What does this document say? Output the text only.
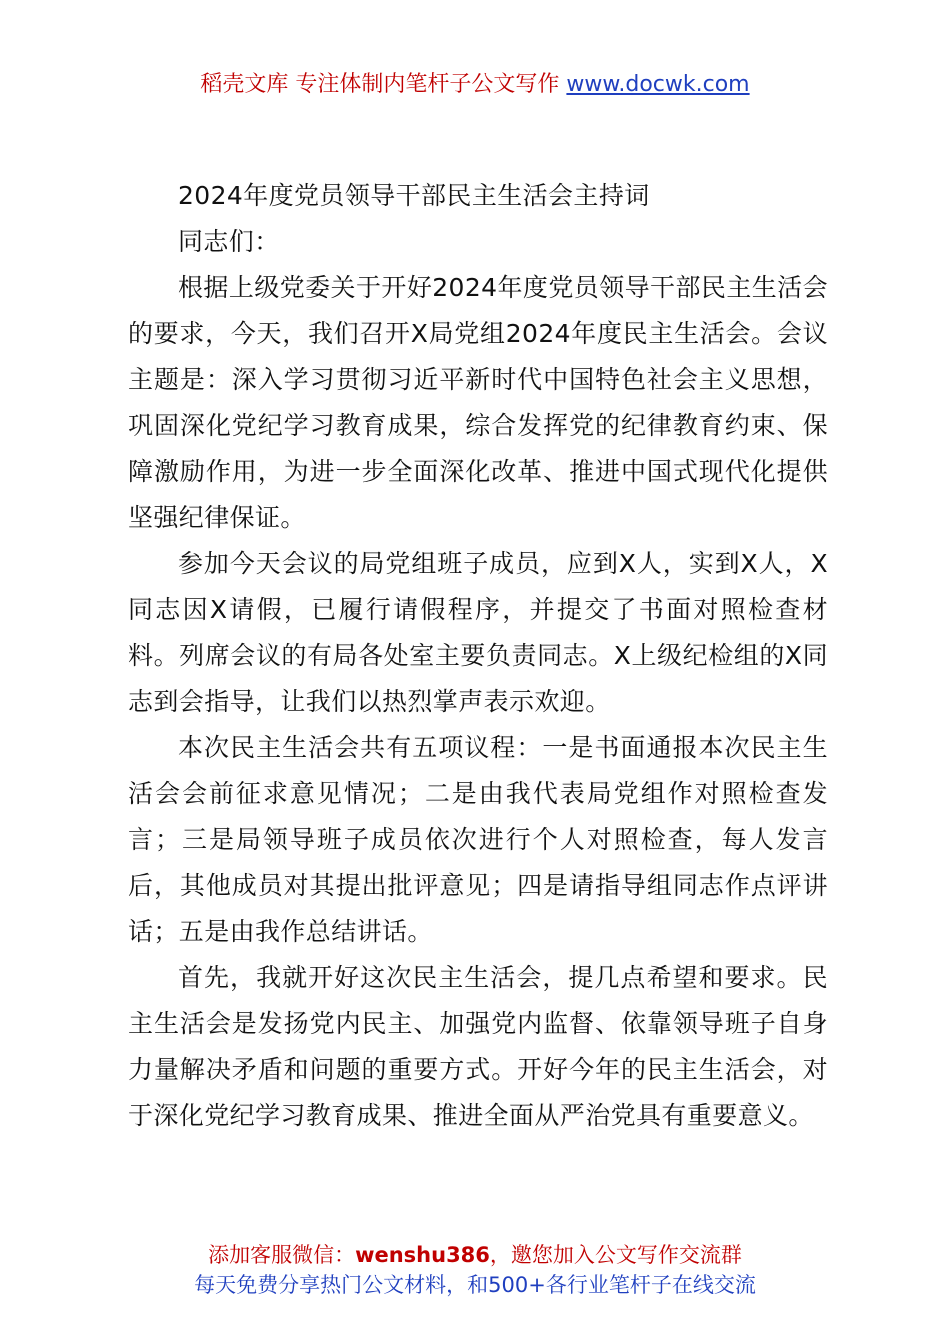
稻壳文库 专注体制内笔杆子公文写作 www.docwk.com

2024年度党员领导干部民主生活会主持词

同志们：

根据上级党委关于开好2024年度党员领导干部民主生活会的要求，今天，我们召开X局党组2024年度民主生活会。会议主题是：深入学习贯彻习近平新时代中国特色社会主义思想，巩固深化党纪学习教育成果，综合发挥党的纪律教育约束、保障激励作用，为进一步全面深化改革、推进中国式现代化提供坚强纪律保证。

参加今天会议的局党组班子成员，应到X人，实到X人，X同志因X请假，已履行请假程序，并提交了书面对照检查材料。列席会议的有局各处室主要负责同志。X上级纪检组的X同志到会指导，让我们以热烈掌声表示欢迎。

本次民主生活会共有五项议程：一是书面通报本次民主生活会会前征求意见情况；二是由我代表局党组作对照检查发言；三是局领导班子成员依次进行个人对照检查，每人发言后，其他成员对其提出批评意见；四是请指导组同志作点评讲话；五是由我作总结讲话。

首先，我就开好这次民主生活会，提几点希望和要求。民主生活会是发扬党内民主、加强党内监督、依靠领导班子自身力量解决矛盾和问题的重要方式。开好今年的民主生活会，对于深化党纪学习教育成果、推进全面从严治党具有重要意义。

添加客服微信：wenshu386，邀您加入公文写作交流群
每天免费分享热门公文材料，和500+各行业笔杆子在线交流
